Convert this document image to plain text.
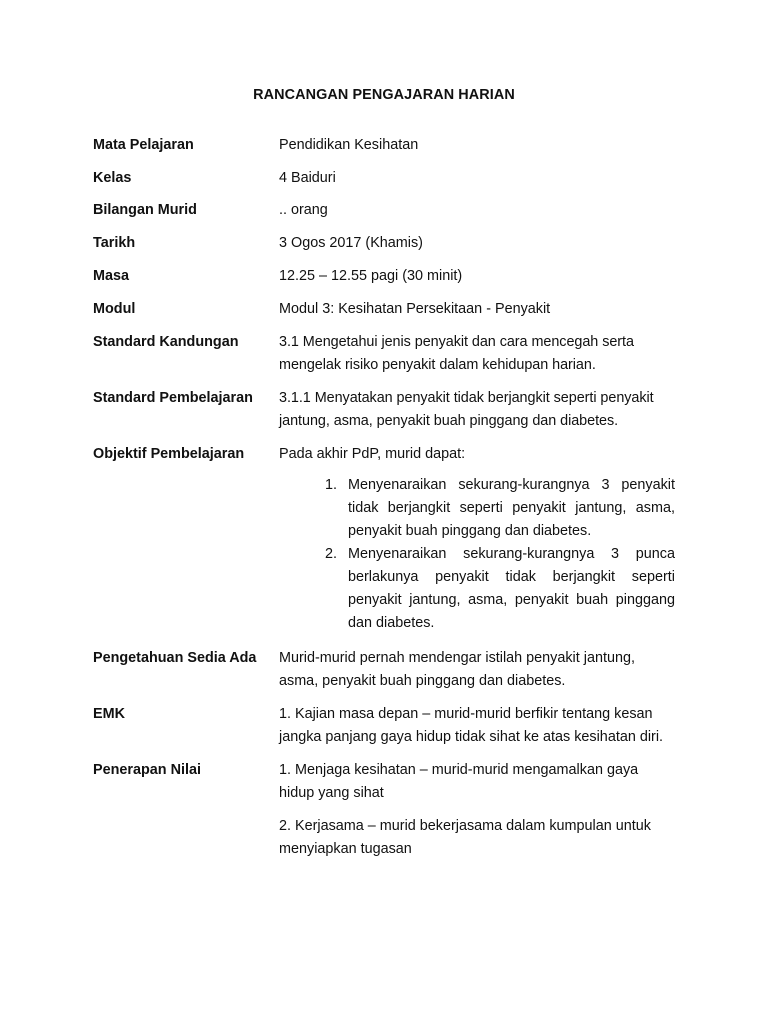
RANCANGAN PENGAJARAN HARIAN
Mata Pelajaran	Pendidikan Kesihatan
Kelas	4 Baiduri
Bilangan Murid	.. orang
Tarikh	3 Ogos 2017 (Khamis)
Masa	12.25 – 12.55 pagi (30 minit)
Modul	Modul 3: Kesihatan Persekitaan - Penyakit
Standard Kandungan	3.1 Mengetahui jenis penyakit dan cara mencegah serta mengelak risiko penyakit dalam kehidupan harian.
Standard Pembelajaran	3.1.1 Menyatakan penyakit tidak berjangkit seperti penyakit jantung, asma, penyakit buah pinggang dan diabetes.
Objektif Pembelajaran	Pada akhir PdP, murid dapat:
1. Menyenaraikan sekurang-kurangnya 3 penyakit tidak berjangkit seperti penyakit jantung, asma, penyakit buah pinggang dan diabetes.
2. Menyenaraikan sekurang-kurangnya 3 punca berlakunya penyakit tidak berjangkit seperti penyakit jantung, asma, penyakit buah pinggang dan diabetes.
Pengetahuan Sedia Ada	Murid-murid pernah mendengar istilah penyakit jantung, asma, penyakit buah pinggang dan diabetes.
EMK	1. Kajian masa depan – murid-murid berfikir tentang kesan jangka panjang gaya hidup tidak sihat ke atas kesihatan diri.
Penerapan Nilai	1. Menjaga kesihatan – murid-murid mengamalkan gaya hidup yang sihat
2. Kerjasama – murid bekerjasama dalam kumpulan untuk menyiapkan tugasan
